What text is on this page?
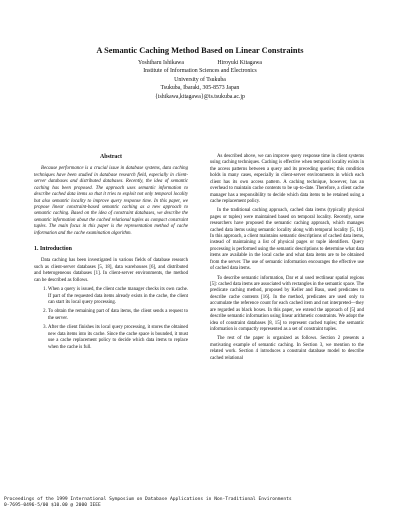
A Semantic Caching Method Based on Linear Constraints
Yoshiharu Ishikawa	Hiroyuki Kitagawa
Institute of Information Sciences and Electronics
University of Tsukuba
Tsukuba, Ibaraki, 305-8573 Japan
{ishikawa,kitagawa}@is.tsukuba.ac.jp
Abstract

Because performance is a crucial issue in database systems, data caching techniques have been studied in database research field, especially in client-server databases and distributed databases. Recently, the idea of semantic caching has been proposed. The approach uses semantic information to describe cached data items so that it tries to exploit not only temporal locality but also semantic locality to improve query response time. In this paper, we propose linear constraint-based semantic caching as a new approach to semantic caching. Based on the idea of constraint databases, we describe the semantic information about the cached relational tuples as compact constraint tuples. The main focus in this paper is the representation method of cache information and the cache examination algorithm.

1. Introduction

Data caching has been investigated in various fields of database research such as client-server databases [5, 18], data warehouses [6], and distributed and heterogeneous databases [1]. In client-server environments, the method can be described as follows.

1. When a query is issued, the client cache manager checks its own cache. If part of the requested data items already exists in the cache, the client can start its local query processing.
2. To obtain the remaining part of data items, the client sends a request to the server.
3. After the client finishes its local query processing, it stores the obtained new data items into its cache. Since the cache space is bounded, it must use a cache replacement policy to decide which data items to replace when the cache is full.

As described above, we can improve query response time in client systems using caching techniques. Caching is effective when temporal locality exists in the access patterns between a query and its preceding queries; this condition holds in many cases, especially in client-server environments in which each client has its own access pattern. A caching technique, however, has an overhead to maintain cache contents to be up-to-date. Therefore, a client cache manager has a responsibility to decide which data items to be retained using a cache replacement policy.

In the traditional caching approach, cached data items (typically physical pages or tuples) were maintained based on temporal locality. Recently, some researchers have proposed the semantic caching approach, which manages cached data items using semantic locality along with temporal locality [5, 16]. In this approach, a client maintains semantic descriptions of cached data items, instead of maintaining a list of physical pages or tuple identifiers. Query processing is performed using the semantic descriptions to determine what data items are available in the local cache and what data items are to be obtained from the server. The use of semantic information encourages the effective use of cached data items.

To describe semantic information, Dar et al used rectlinear spatial regions [5]: cached data items are associated with rectangles in the semantic space. The predicate caching method, proposed by Keller and Basu, used predicates to describe cache contents [16]. In the method, predicates are used only to accumulate the reference count for each cached item and not interpreted—they are regarded as black boxes. In this paper, we extend the approach of [5] and describe semantic information using linear arithmetic constraints. We adopt the idea of constraint databases [8, 15] to represent cached tuples; the semantic information is compactly represented as a set of constraint tuples.

The rest of the paper is organized as follows. Section 2 presents a motivating example of semantic caching. In Section 3, we mention to the related work. Section 4 introduces a constraint database model to describe cached relational

Proceedings of the 1999 International Symposium on Database Applications in Non-Traditional Environments
0-7695-0496-5/00 $10.00 @ 2000 IEEE
